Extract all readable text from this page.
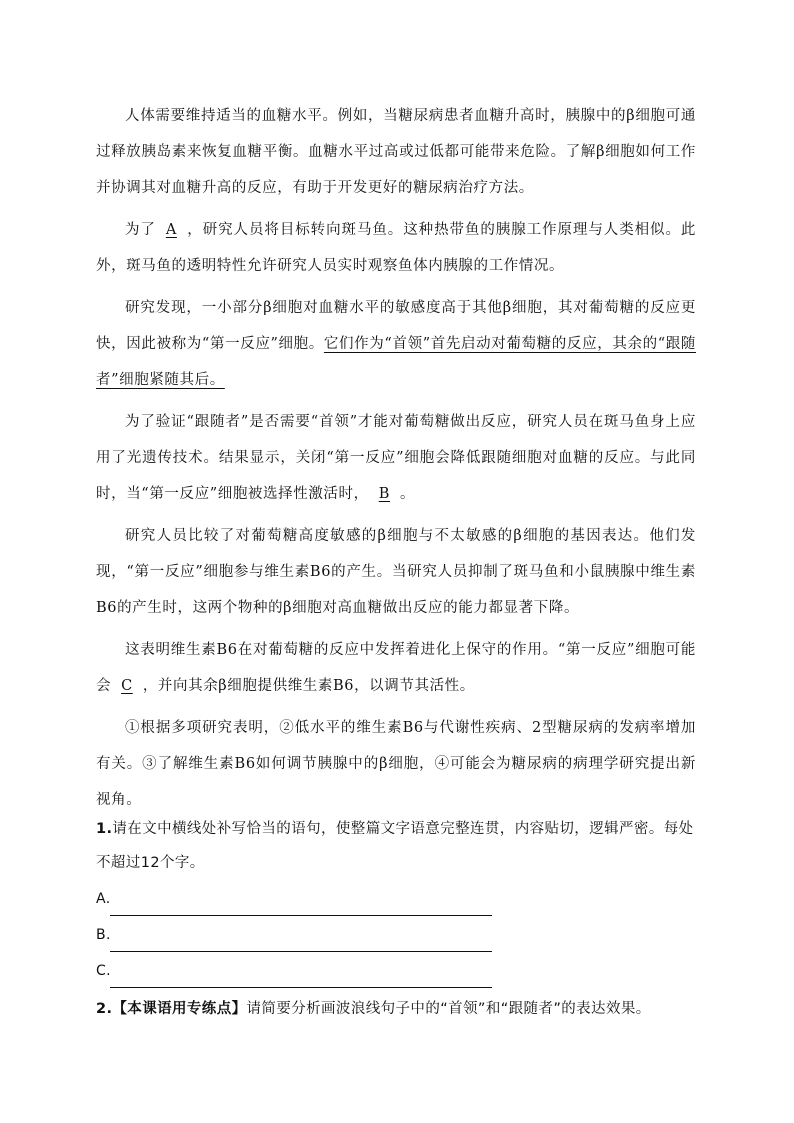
人体需要维持适当的血糖水平。例如，当糖尿病患者血糖升高时，胰腺中的β细胞可通过释放胰岛素来恢复血糖平衡。血糖水平过高或过低都可能带来危险。了解β细胞如何工作并协调其对血糖升高的反应，有助于开发更好的糖尿病治疗方法。

为了 A ，研究人员将目标转向斑马鱼。这种热带鱼的胰腺工作原理与人类相似。此外，斑马鱼的透明特性允许研究人员实时观察鱼体内胰腺的工作情况。

研究发现，一小部分β细胞对血糖水平的敏感度高于其他β细胞，其对葡萄糖的反应更快，因此被称为“第一反应”细胞。它们作为“首领”首先启动对葡萄糖的反应，其余的“跟随者”细胞紧随其后。

为了验证“跟随者”是否需要“首领”才能对葡萄糖做出反应，研究人员在斑马鱼身上应用了光遗传技术。结果显示，关闭“第一反应”细胞会降低跟随细胞对血糖的反应。与此同时，当“第一反应”细胞被选择性激活时， B 。

研究人员比较了对葡萄糖高度敏感的β细胞与不太敏感的β细胞的基因表达。他们发现，“第一反应”细胞参与维生素B6的产生。当研究人员抑制了斑马鱼和小鼠胰腺中维生素B6的产生时，这两个物种的β细胞对高血糖做出反应的能力都显著下降。

这表明维生素B6在对葡萄糖的反应中发挥着进化上保守的作用。“第一反应”细胞可能会 C ，并向其余β细胞提供维生素B6，以调节其活性。

①根据多项研究表明，②低水平的维生素B6与代谢性疾病、2型糖尿病的发病率增加有关。③了解维生素B6如何调节胰腺中的β细胞，④可能会为糖尿病的病理学研究提出新视角。

1.请在文中横线处补写恰当的语句，使整篇文字语意完整连贯，内容贴切，逻辑严密。每处不超过12个字。

A.
B.
C.

2.【本课语用专练点】请简要分析画波浪线句子中的“首领”和“跟随者”的表达效果。
